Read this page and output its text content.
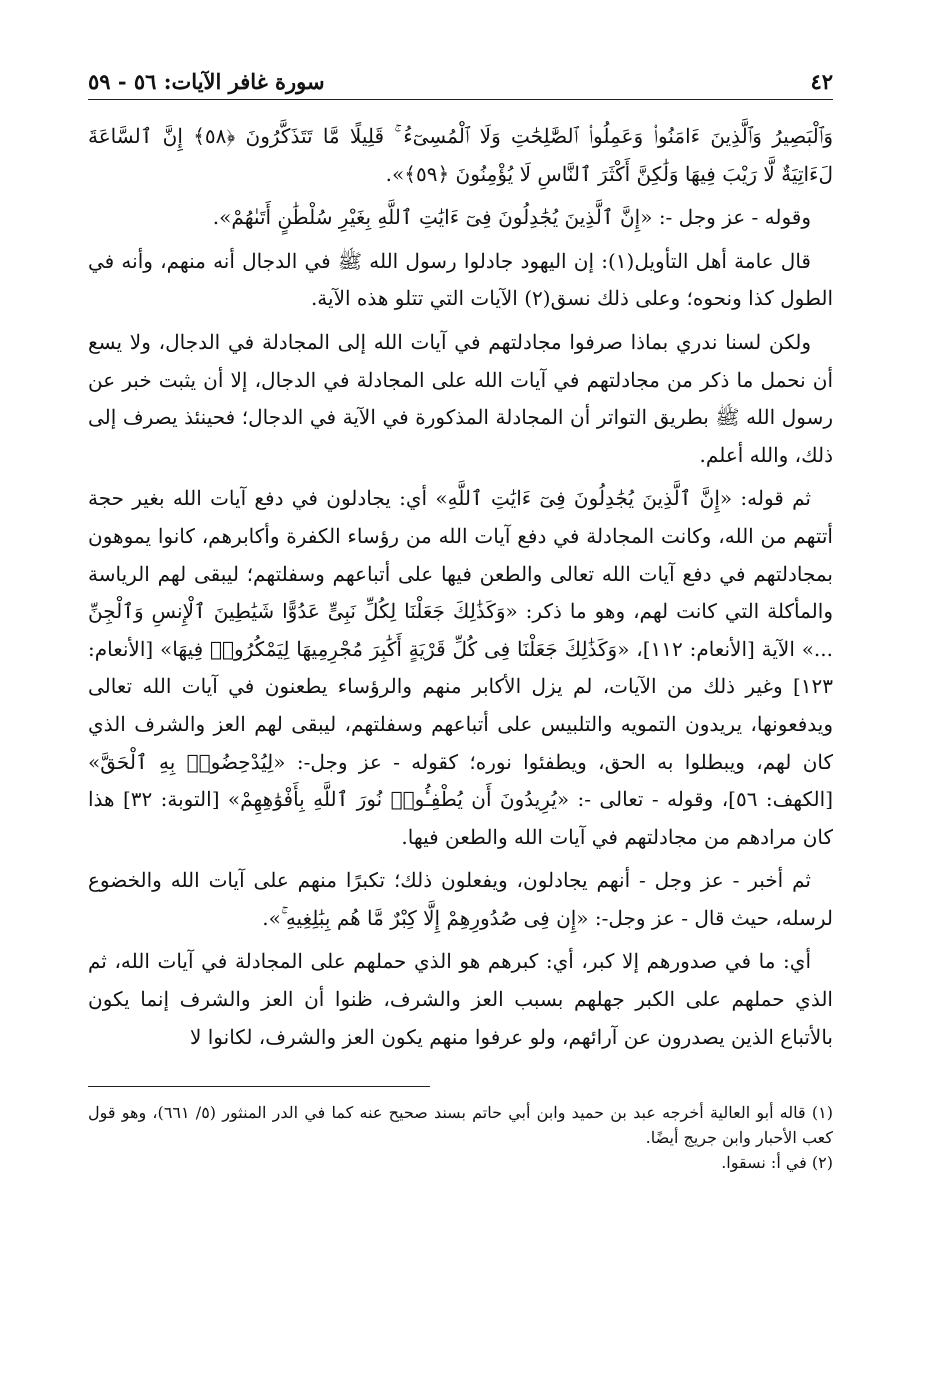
٤٢
سورة غافر الآيات: ٥٦ - ٥٩

وَٱلْبَصِيرُ وَٱلَّذِينَ ءَامَنُوا۟ وَعَمِلُوا۟ ٱلصَّٰلِحَٰتِ وَلَا ٱلْمُسِىٓءُ ۚ قَلِيلًا مَّا تَتَذَكَّرُونَ ﴿٥٨﴾ إِنَّ ٱلسَّاعَةَ لَءَاتِيَةٌ لَّا رَيْبَ فِيهَا وَلَٰكِنَّ أَكْثَرَ ٱلنَّاسِ لَا يُؤْمِنُونَ ﴿٥٩﴾».

وقوله - عز وجل -: «إِنَّ ٱلَّذِينَ يُجَٰدِلُونَ فِىٓ ءَايَٰتِ ٱللَّهِ بِغَيْرِ سُلْطَٰنٍ أَتَىٰهُمْ».

قال عامة أهل التأويل(١): إن اليهود جادلوا رسول الله ﷺ في الدجال أنه منهم، وأنه في الطول كذا ونحوه؛ وعلى ذلك نسق(٢) الآيات التي تتلو هذه الآية.

ولكن لسنا ندري بماذا صرفوا مجادلتهم في آيات الله إلى المجادلة في الدجال، ولا يسع أن نحمل ما ذكر من مجادلتهم في آيات الله على المجادلة في الدجال، إلا أن يثبت خبر عن رسول الله ﷺ بطريق التواتر أن المجادلة المذكورة في الآية في الدجال؛ فحينئذ يصرف إلى ذلك، والله أعلم.

ثم قوله: «إِنَّ ٱلَّذِينَ يُجَٰدِلُونَ فِىٓ ءَايَٰتِ ٱللَّهِ» أي: يجادلون في دفع آيات الله بغير حجة أتتهم من الله، وكانت المجادلة في دفع آيات الله من رؤساء الكفرة وأكابرهم، كانوا يموهون بمجادلتهم في دفع آيات الله تعالى والطعن فيها على أتباعهم وسفلتهم؛ ليبقى لهم الرياسة والمأكلة التي كانت لهم، وهو ما ذكر: «وَكَذَٰلِكَ جَعَلْنَا لِكُلِّ نَبِىٍّ عَدُوًّا شَيَٰطِينَ ٱلْإِنسِ وَٱلْجِنِّ ...» الآية [الأنعام: ١١٢]، «وَكَذَٰلِكَ جَعَلْنَا فِى كُلِّ قَرْيَةٍ أَكَٰبِرَ مُجْرِمِيهَا لِيَمْكُرُوا۟ فِيهَا» [الأنعام: ١٢٣] وغير ذلك من الآيات، لم يزل الأكابر منهم والرؤساء يطعنون في آيات الله تعالى ويدفعونها، يريدون التمويه والتلبيس على أتباعهم وسفلتهم، ليبقى لهم العز والشرف الذي كان لهم، ويبطلوا به الحق، ويطفئوا نوره؛ كقوله - عز وجل-: «لِيُدْحِضُوا۟ بِهِ ٱلْحَقَّ» [الكهف: ٥٦]، وقوله - تعالى -: «يُرِيدُونَ أَن يُطْفِـُٔوا۟ نُورَ ٱللَّهِ بِأَفْوَٰهِهِمْ» [التوبة: ٣٢] هذا كان مرادهم من مجادلتهم في آيات الله والطعن فيها.

ثم أخبر - عز وجل - أنهم يجادلون، ويفعلون ذلك؛ تكبرًا منهم على آيات الله والخضوع لرسله، حيث قال - عز وجل-: «إِن فِى صُدُورِهِمْ إِلَّا كِبْرٌ مَّا هُم بِبَٰلِغِيهِ ۚ».

أي: ما في صدورهم إلا كبر، أي: كبرهم هو الذي حملهم على المجادلة في آيات الله، ثم الذي حملهم على الكبر جهلهم بسبب العز والشرف، ظنوا أن العز والشرف إنما يكون بالأتباع الذين يصدرون عن آرائهم، ولو عرفوا منهم يكون العز والشرف، لكانوا لا

(١) قاله أبو العالية أخرجه عبد بن حميد وابن أبي حاتم بسند صحيح عنه كما في الدر المنثور (٥/ ٦٦١)، وهو قول كعب الأحبار وابن جريج أيضًا.

(٢) في أ: نسقوا.
